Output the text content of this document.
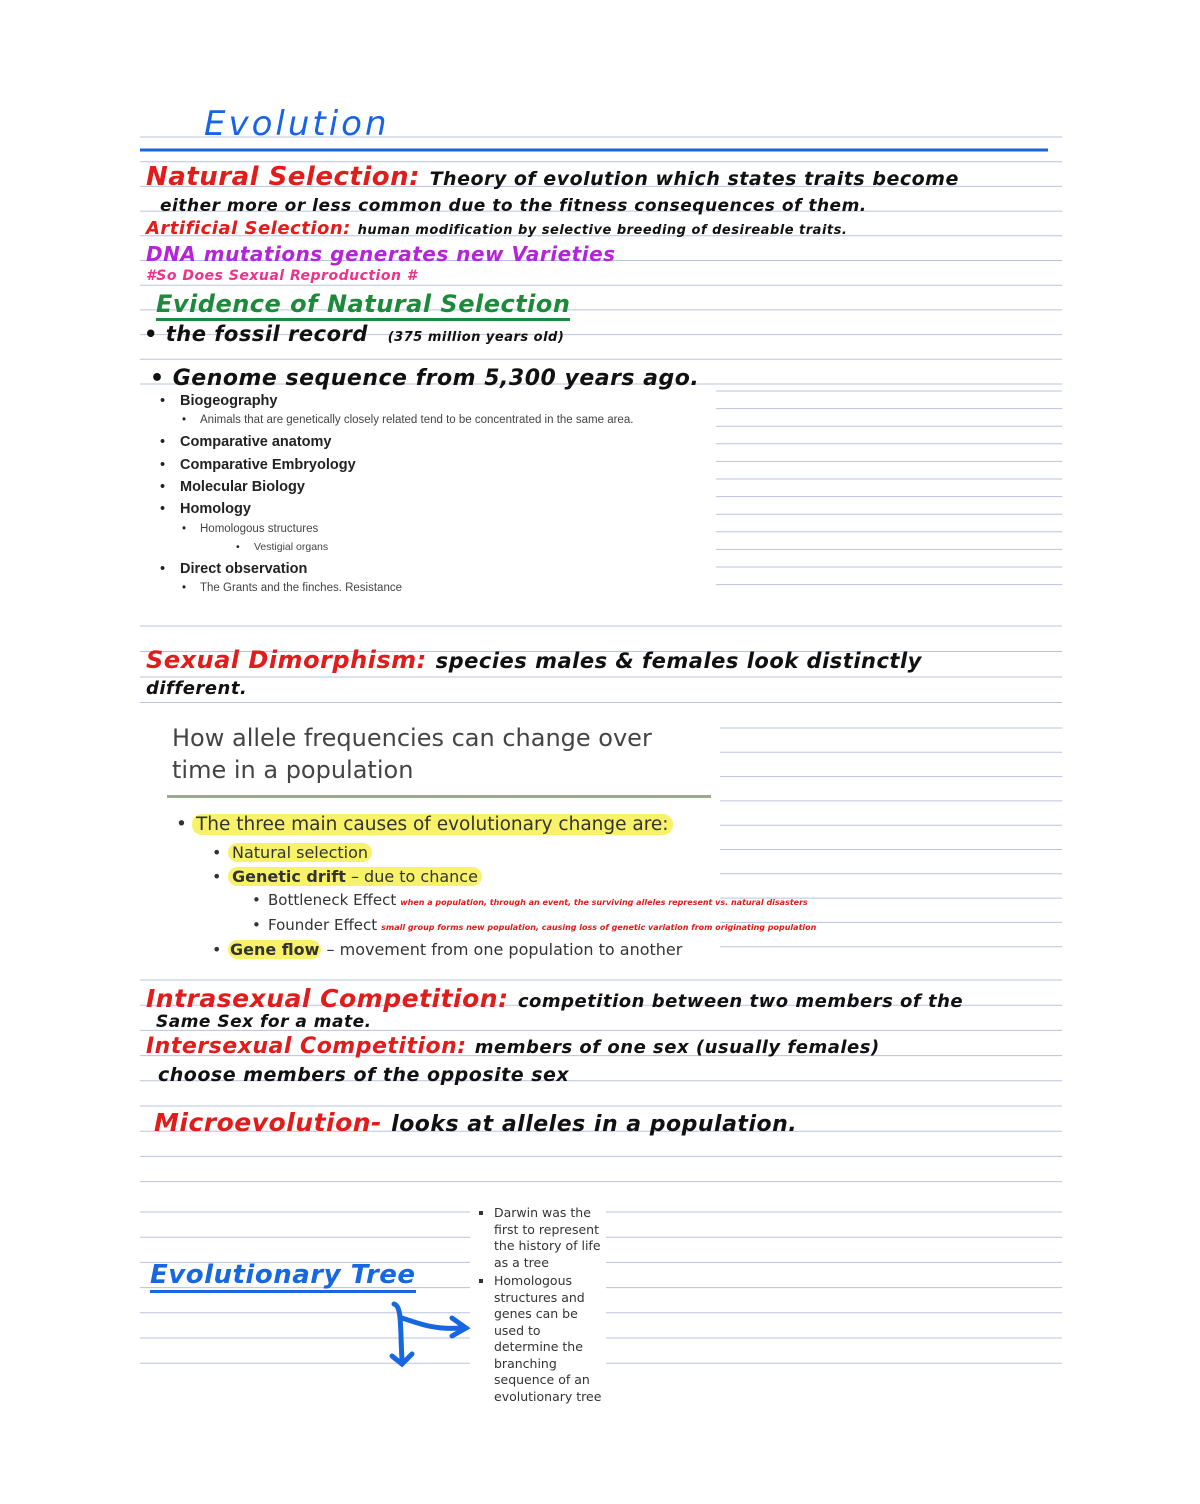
Evolution
Natural Selection: Theory of evolution which states traits become
either more or less common due to the fitness consequences of them.
Artificial Selection: human modification by selective breeding of desireable traits.
DNA mutations generates new Varieties
#So Does Sexual Reproduction #
Evidence of Natural Selection
• the fossil record (375 million years old)
• Genome sequence from 5,300 years ago.
• Biogeography
• Animals that are genetically closely related tend to be concentrated in the same area.
• Comparative anatomy
• Comparative Embryology
• Molecular Biology
• Homology
• Homologous structures
• Vestigial organs
• Direct observation
• The Grants and the finches. Resistance
Sexual Dimorphism: species males & females look distinctly
different.
How allele frequencies can change over
time in a population
• The three main causes of evolutionary change are:
• Natural selection
• Genetic drift – due to chance
• Bottleneck Effect when a population, through an event, the surviving alleles represent vs. natural disasters
• Founder Effect small group forms new population, causing loss of genetic variation from originating population
• Gene flow – movement from one population to another
Intrasexual Competition: competition between two members of the
Same Sex for a mate.
Intersexual Competition: members of one sex (usually females)
choose members of the opposite sex
Microevolution- looks at alleles in a population.
Evolutionary Tree
▪ Darwin was the first to represent the history of life as a tree
▪ Homologous structures and genes can be used to determine the branching sequence of an evolutionary tree
